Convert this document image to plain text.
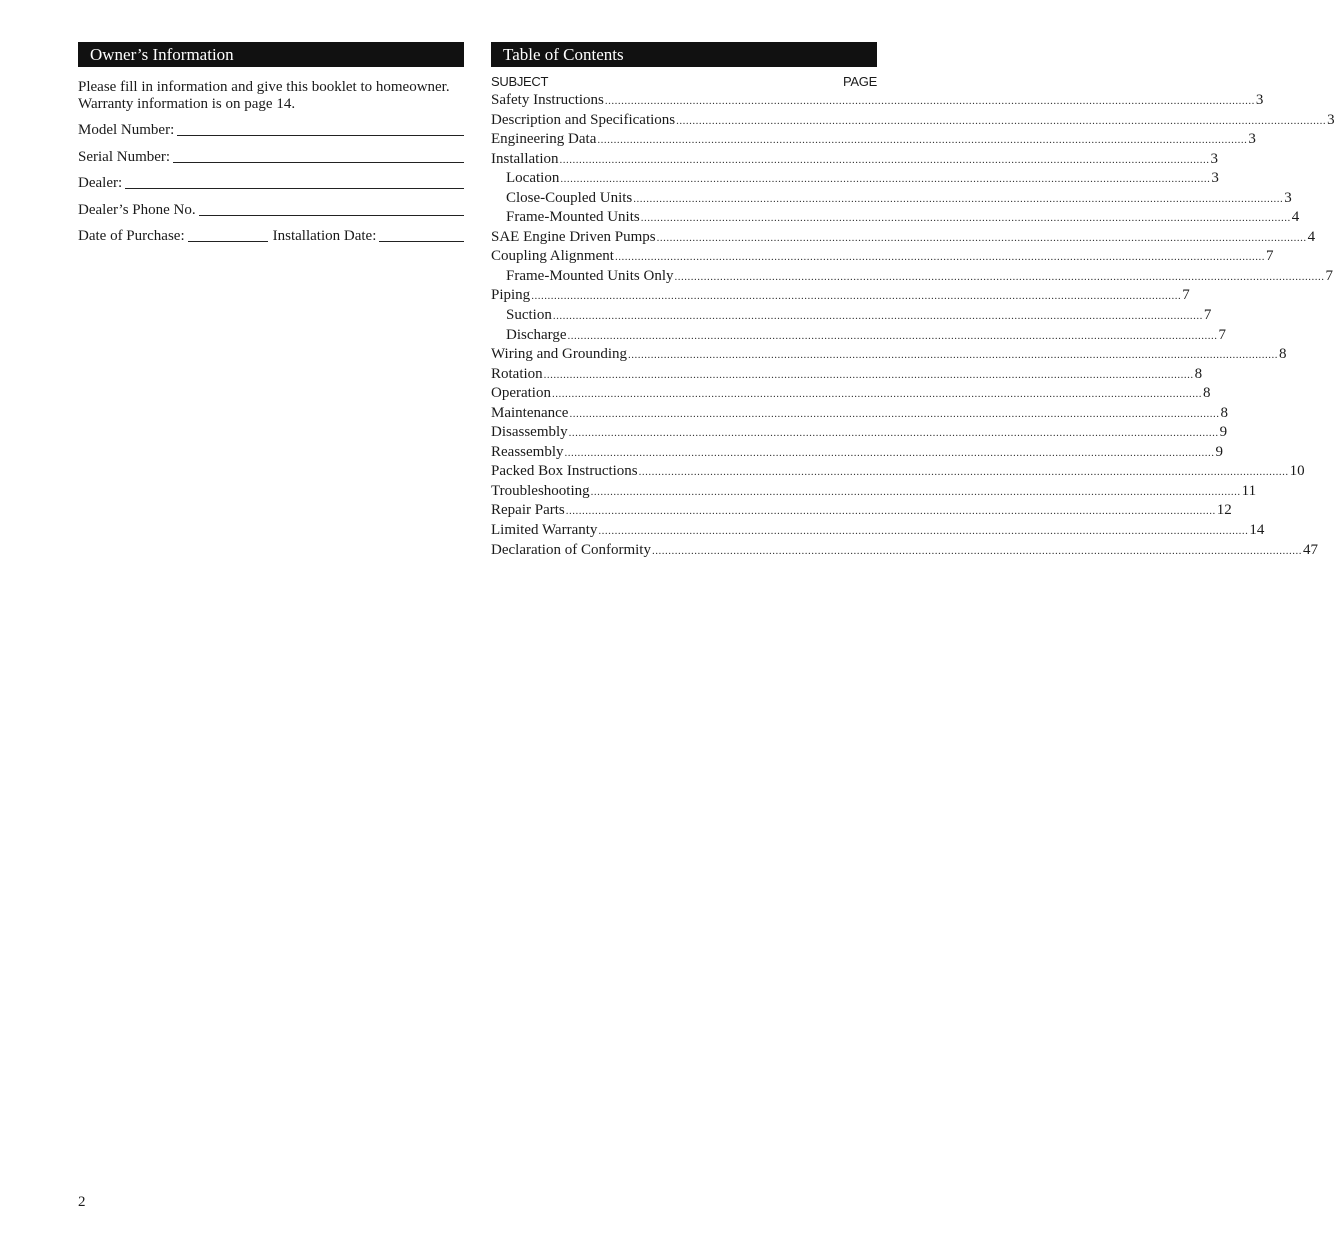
Owner’s Information
Please fill in information and give this booklet to homeowner. Warranty information is on page 14.
Model Number:
Serial Number:
Dealer:
Dealer’s Phone No.
Date of Purchase:	Installation Date:
Table of Contents
SUBJECT	PAGE
Safety Instructions ........................................................................................................................................................................................................ 3
Description and Specifications ........................................................................................................................................................................................................ 3
Engineering Data ........................................................................................................................................................................................................ 3
Installation ........................................................................................................................................................................................................ 3
Location ........................................................................................................................................................................................................ 3
Close-Coupled Units ........................................................................................................................................................................................................ 3
Frame-Mounted Units ........................................................................................................................................................................................................ 4
SAE Engine Driven Pumps ........................................................................................................................................................................................................ 4
Coupling Alignment ........................................................................................................................................................................................................ 7
Frame-Mounted Units Only ........................................................................................................................................................................................................ 7
Piping ........................................................................................................................................................................................................ 7
Suction ........................................................................................................................................................................................................ 7
Discharge ........................................................................................................................................................................................................ 7
Wiring and Grounding ........................................................................................................................................................................................................ 8
Rotation ........................................................................................................................................................................................................ 8
Operation ........................................................................................................................................................................................................ 8
Maintenance ........................................................................................................................................................................................................ 8
Disassembly ........................................................................................................................................................................................................ 9
Reassembly ........................................................................................................................................................................................................ 9
Packed Box Instructions ........................................................................................................................................................................................................ 10
Troubleshooting ........................................................................................................................................................................................................ 11
Repair Parts ........................................................................................................................................................................................................ 12
Limited Warranty ........................................................................................................................................................................................................ 14
Declaration of Conformity ........................................................................................................................................................................................................ 47
2
